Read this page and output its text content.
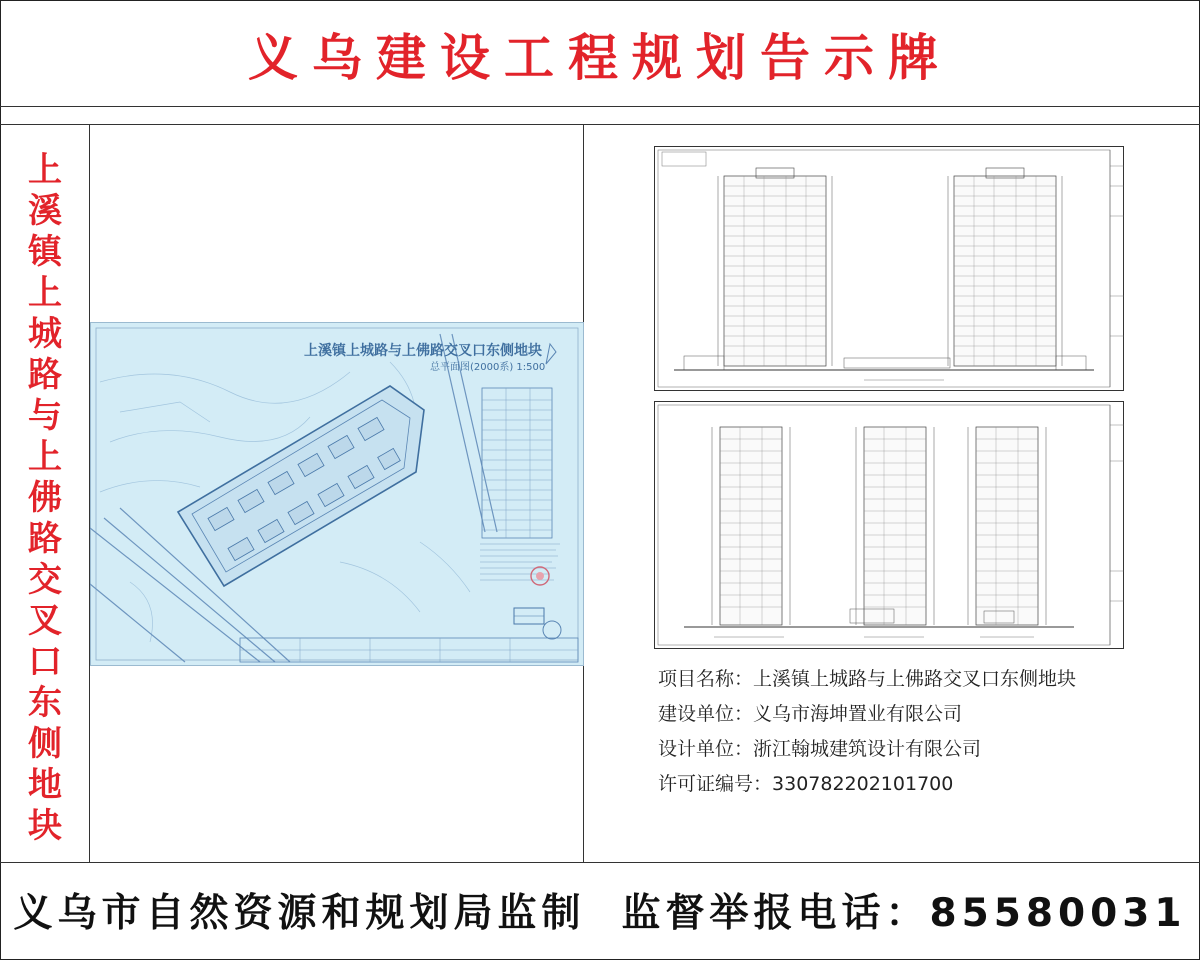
义乌建设工程规划告示牌
上溪镇上城路与上佛路交叉口东侧地块
上溪镇上城路与上佛路交叉口东侧地块
总平面图(2000系) 1:500
项目名称：上溪镇上城路与上佛路交叉口东侧地块
建设单位：义乌市海坤置业有限公司
设计单位：浙江翰城建筑设计有限公司
许可证编号：330782202101700
义乌市自然资源和规划局监制 监督举报电话：85580031
